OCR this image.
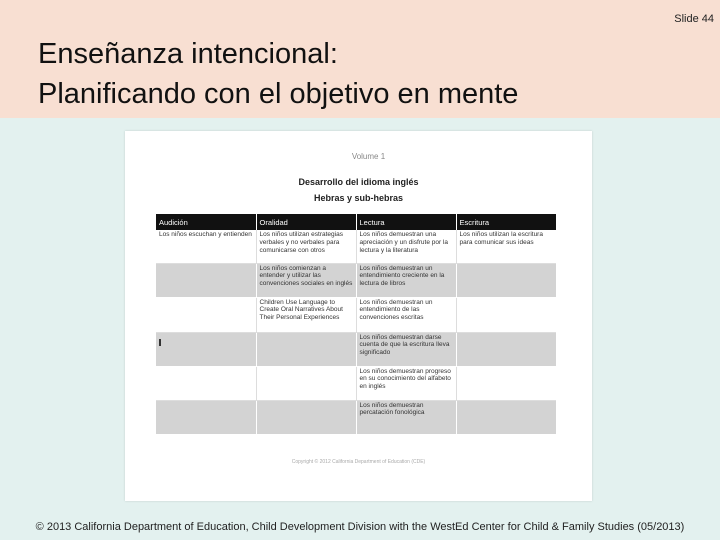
Slide 44
Enseñanza intencional:
Planificando con el objetivo en mente
Volume 1
Desarrollo del idioma inglés
Hebras y sub-hebras
Audición	Oralidad	Lectura	Escritura

Los niños escuchan y entienden	Los niños utilizan estrategias verbales y no verbales para comunicarse con otros	Los niños demuestran una apreciación y un disfrute por la lectura y la literatura	Los niños utilizan la escritura para comunicar sus ideas

	Los niños comienzan a entender y utilizar las convenciones sociales en inglés	Los niños demuestran un entendimiento creciente en la lectura de libros	

	Children Use Language to Create Oral Narratives About Their Personal Experiences	Los niños demuestran un entendimiento de las convenciones escritas	

		Los niños demuestran darse cuenta de que la escritura lleva significado	

		Los niños demuestran progreso en su conocimiento del alfabeto en inglés	

		Los niños demuestran percatación fonológica	

Copyright © 2012 California Department of Education (CDE)
© 2013 California Department of Education, Child Development Division with the WestEd Center for Child & Family Studies (05/2013)
